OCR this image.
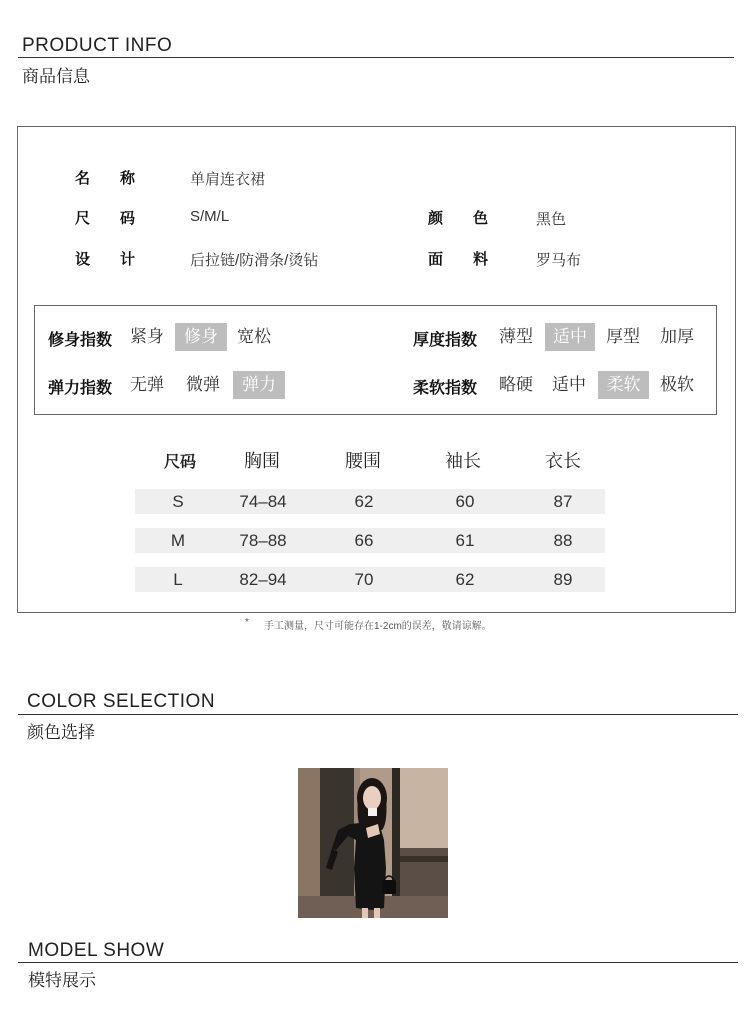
PRODUCT INFO
商品信息
名　　称	单肩连衣裙
尺　　码	S/M/L	颜　　色	黑色
设　　计	后拉链/防滑条/烫钻	面　　料	罗马布
修身指数 紧身	修身	宽松	厚度指数 薄型	适中	厚型 加厚
弹力指数 无弹 微弹	弹力	柔软指数 略硬 适中	柔软	极软
尺码	胸围	腰围	袖长	衣长
S	74–84	62	60	87
M	78–88	66	61	88
L	82–94	70	62	89
* 手工测量，尺寸可能存在1-2cm的误差，敬请谅解。
COLOR SELECTION
颜色选择
MODEL SHOW
模特展示
